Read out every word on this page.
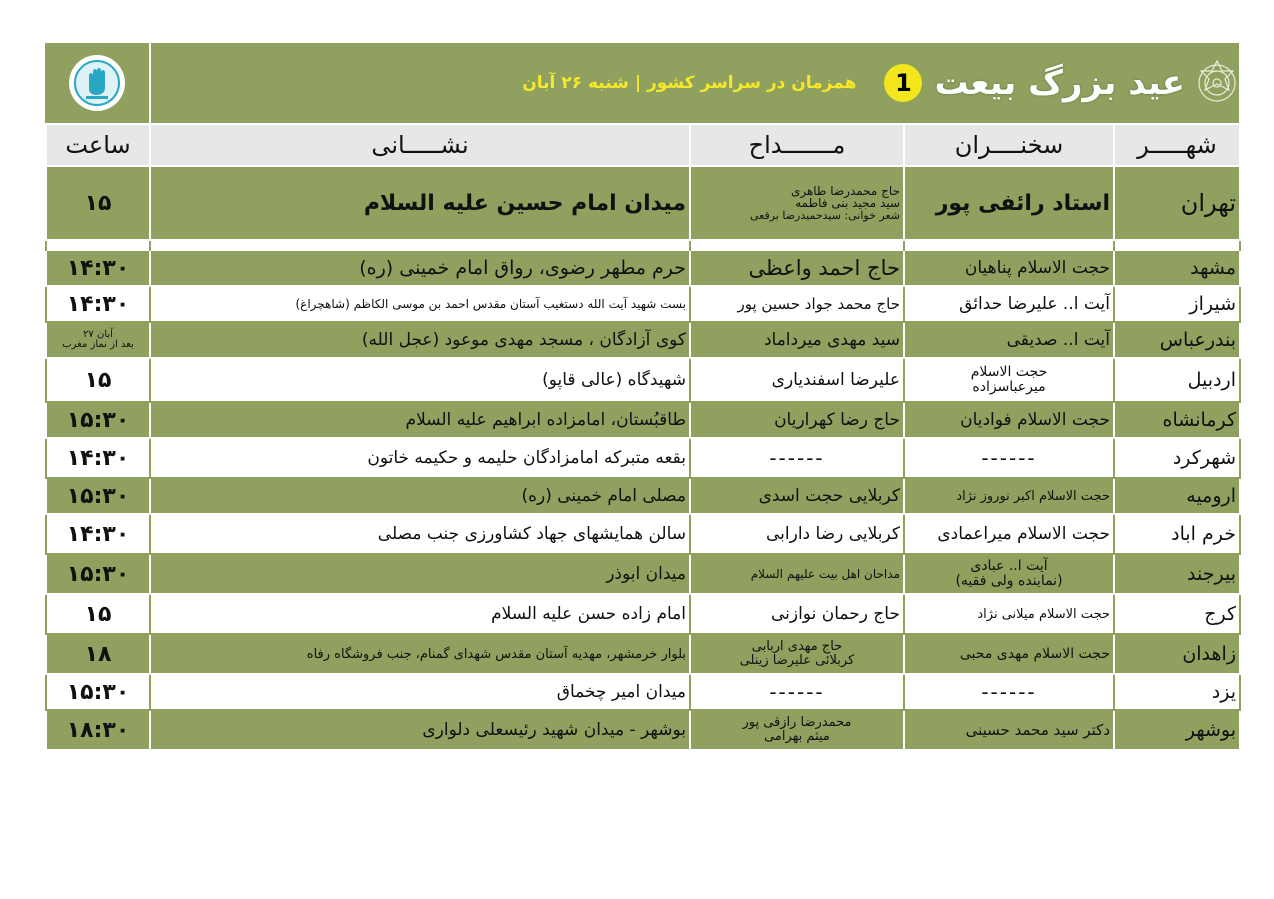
عید بزرگ بیعت
1
همزمان در سراسر کشور | شنبه ۲۶ آبان
ساعت	نشـــــانی	مـــــــداح	سخنــــران	شهـــــر
۱۵	میدان امام حسین علیه السلام	حاج محمدرضا طاهری
سید مجید بنی فاطمه
شعر خوانی: سیدحمیدرضا برقعی	استاد رائفی پور	تهران

۱۴:۳۰	حرم مطهر رضوی، رواق امام خمینی (ره)	حاج احمد واعظی	حجت الاسلام پناهیان	مشهد
۱۴:۳۰	بست شهید آیت الله دستغیب آستان مقدس احمد بن موسی الکاظم (شاهچراغ)	حاج محمد جواد حسین پور	آیت ا.. علیرضا حدائق	شیراز

۲۷ آبان
بعد از نماز مغرب	کوی آزادگان ، مسجد مهدی موعود (عجل الله)	سید مهدی میرداماد	آیت ا.. صدیقی	بندرعباس
۱۵	شهیدگاه (عالی قاپو)	علیرضا اسفندیاری	حجت الاسلام
میرعباسزاده	اردبیل
۱۵:۳۰	طاقبُستان، امامزاده ابراهیم علیه السلام	حاج رضا کهراریان	حجت الاسلام فوادیان	کرمانشاه
۱۴:۳۰	بقعه متبرکه امامزادگان حلیمه و حکیمه خاتون	------	------	شهرکرد
۱۵:۳۰	مصلی امام خمینی (ره)	کربلایی حجت اسدی	حجت الاسلام اکبر نوروز نژاد	ارومیه
۱۴:۳۰	سالن همایشهای جهاد کشاورزی جنب مصلی	کربلایی رضا دارابی	حجت الاسلام میراعمادی	خرم اباد
۱۵:۳۰	میدان ابوذر	مداحان اهل بیت علیهم السلام	آیت ا.. عبادی
(نماینده ولی فقیه)	بیرجند
۱۵	امام زاده حسن علیه السلام	حاج رحمان نوازنی	حجت الاسلام میلانی نژاد	کرج
۱۸	بلوار خرمشهر، مهدیه آستان مقدس شهدای گمنام، جنب فروشگاه رفاه	حاج مهدی اربابی
کربلائی علیرضا زینلی	حجت الاسلام مهدی محبی	زاهدان
۱۵:۳۰	میدان امیر چخماق	------	------	یزد
۱۸:۳۰	بوشهر - میدان شهید رئیسعلی دلواری	محمدرضا رازقی پور
میثم بهرامی	دکتر سید محمد حسینی	بوشهر
